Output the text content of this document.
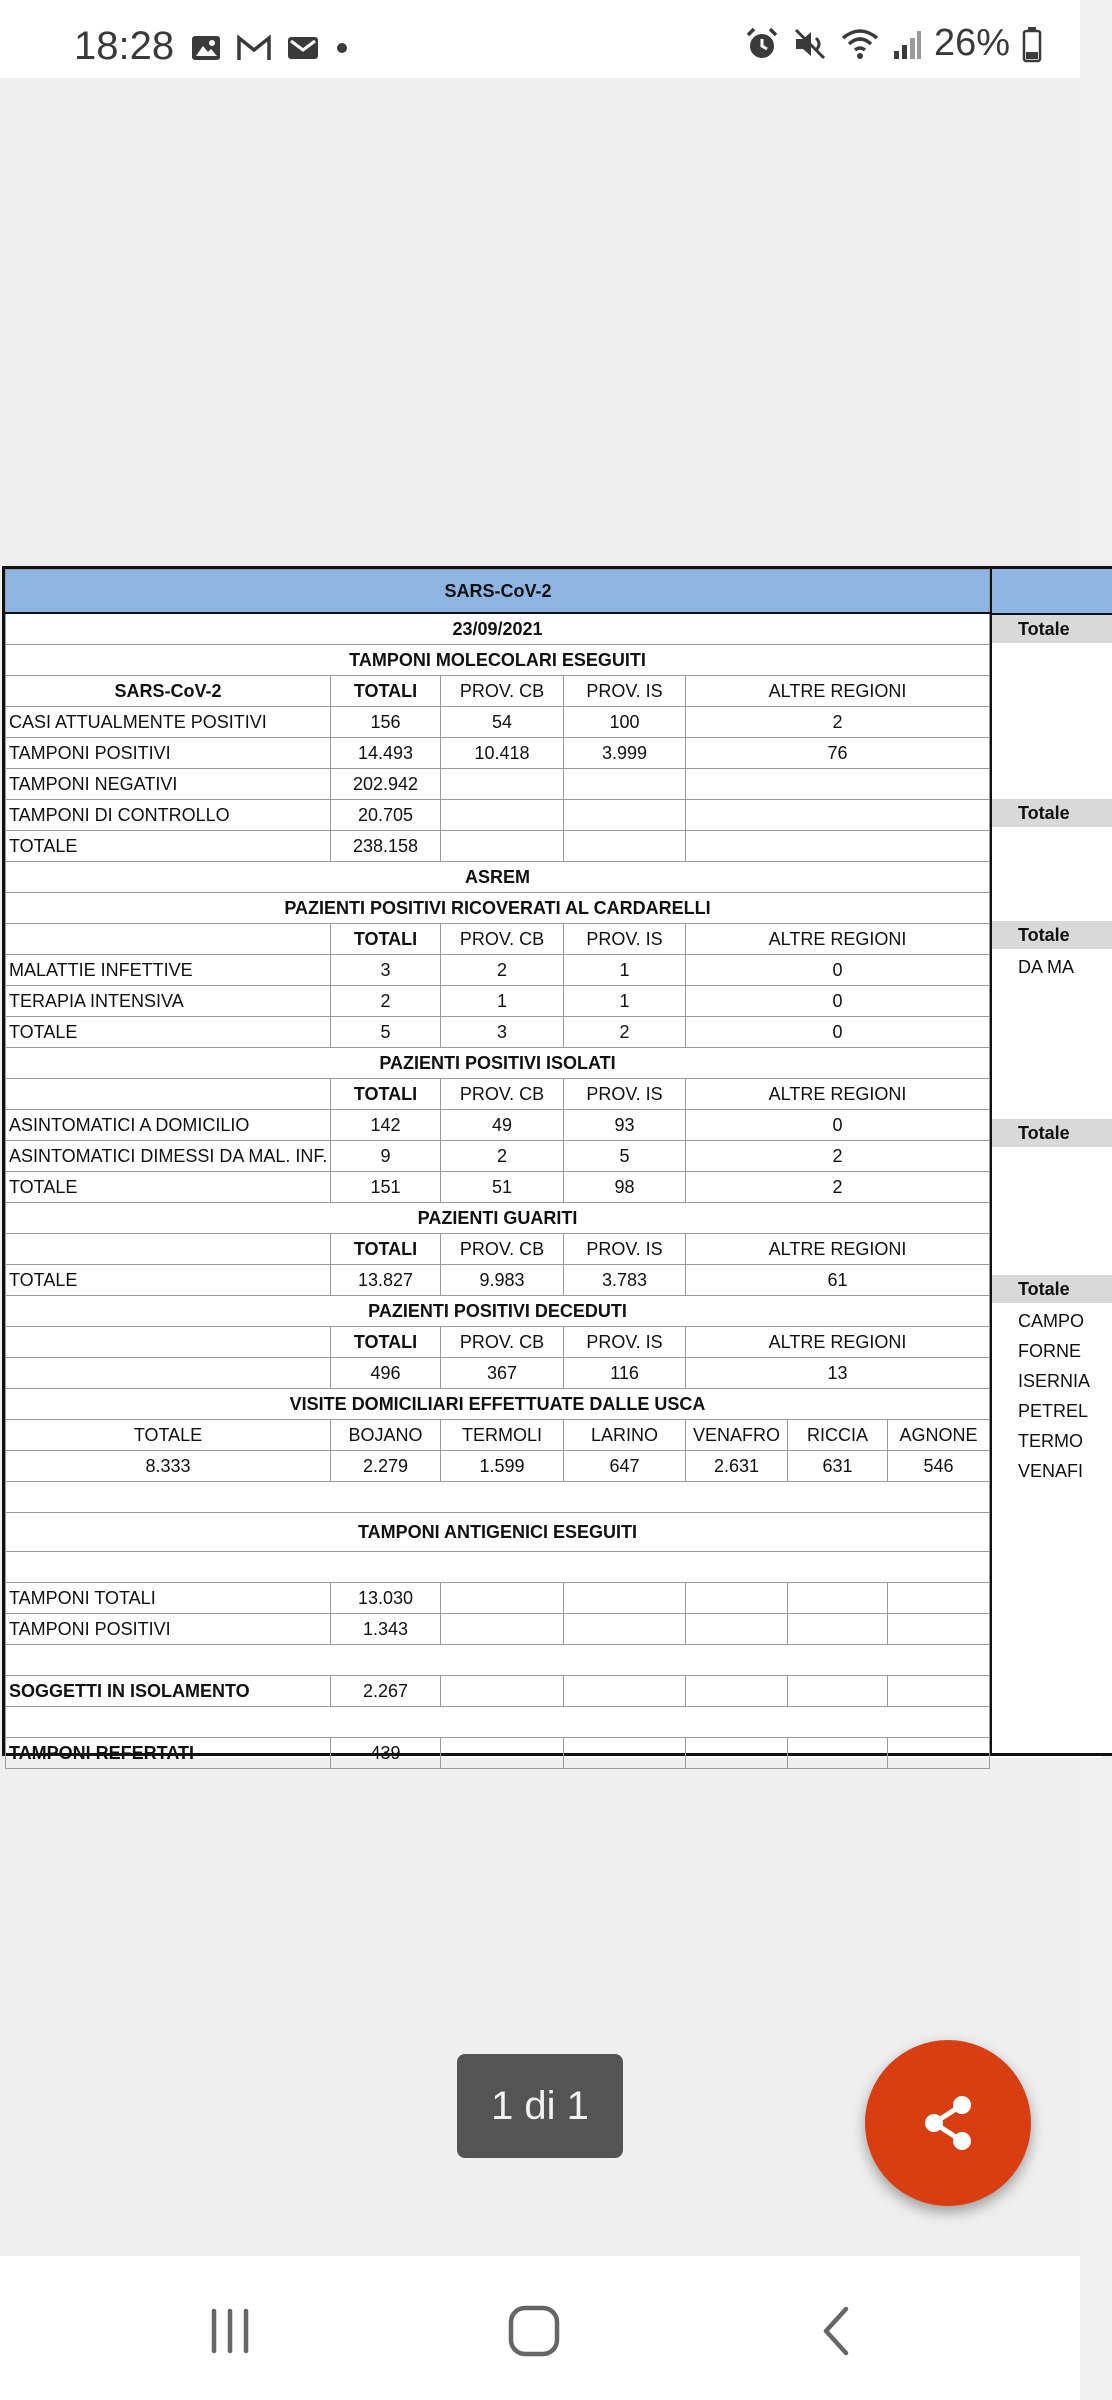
18:28	26%
SARS-CoV-2						
23/09/2021						
TAMPONI MOLECOLARI ESEGUITI						
SARS-CoV-2	TOTALI	PROV. CB	PROV. IS	ALTRE REGIONI		
CASI ATTUALMENTE POSITIVI	156	54	100	2		
TAMPONI POSITIVI	14.493	10.418	3.999	76		
TAMPONI NEGATIVI	202.942					
TAMPONI DI CONTROLLO	20.705					
TOTALE	238.158					
ASREM						
PAZIENTI POSITIVI RICOVERATI AL CARDARELLI						
	TOTALI	PROV. CB	PROV. IS	ALTRE REGIONI		
MALATTIE INFETTIVE	3	2	1	0		
TERAPIA INTENSIVA	2	1	1	0		
TOTALE	5	3	2	0		
PAZIENTI POSITIVI ISOLATI						
	TOTALI	PROV. CB	PROV. IS	ALTRE REGIONI		
ASINTOMATICI A DOMICILIO	142	49	93	0		
ASINTOMATICI DIMESSI DA MAL. INF.	9	2	5	2		
TOTALE	151	51	98	2		
PAZIENTI GUARITI						
	TOTALI	PROV. CB	PROV. IS	ALTRE REGIONI		
TOTALE	13.827	9.983	3.783	61		
PAZIENTI POSITIVI DECEDUTI						
	TOTALI	PROV. CB	PROV. IS	ALTRE REGIONI		
	496	367	116	13		
VISITE DOMICILIARI EFFETTUATE DALLE USCA						
TOTALE	BOJANO	TERMOLI	LARINO	VENAFRO	RICCIA	AGNONE
8.333	2.279	1.599	647	2.631	631	546

TAMPONI ANTIGENICI ESEGUITI						

TAMPONI TOTALI	13.030					
TAMPONI POSITIVI	1.343					

SOGGETTI IN ISOLAMENTO	2.267					

TAMPONI REFERTATI	439					
Totale
Totale
Totale
DA MA
Totale
Totale
CAMPO
FORNE
ISERNIA
PETREL
TERMO
VENAFI
1 di 1
